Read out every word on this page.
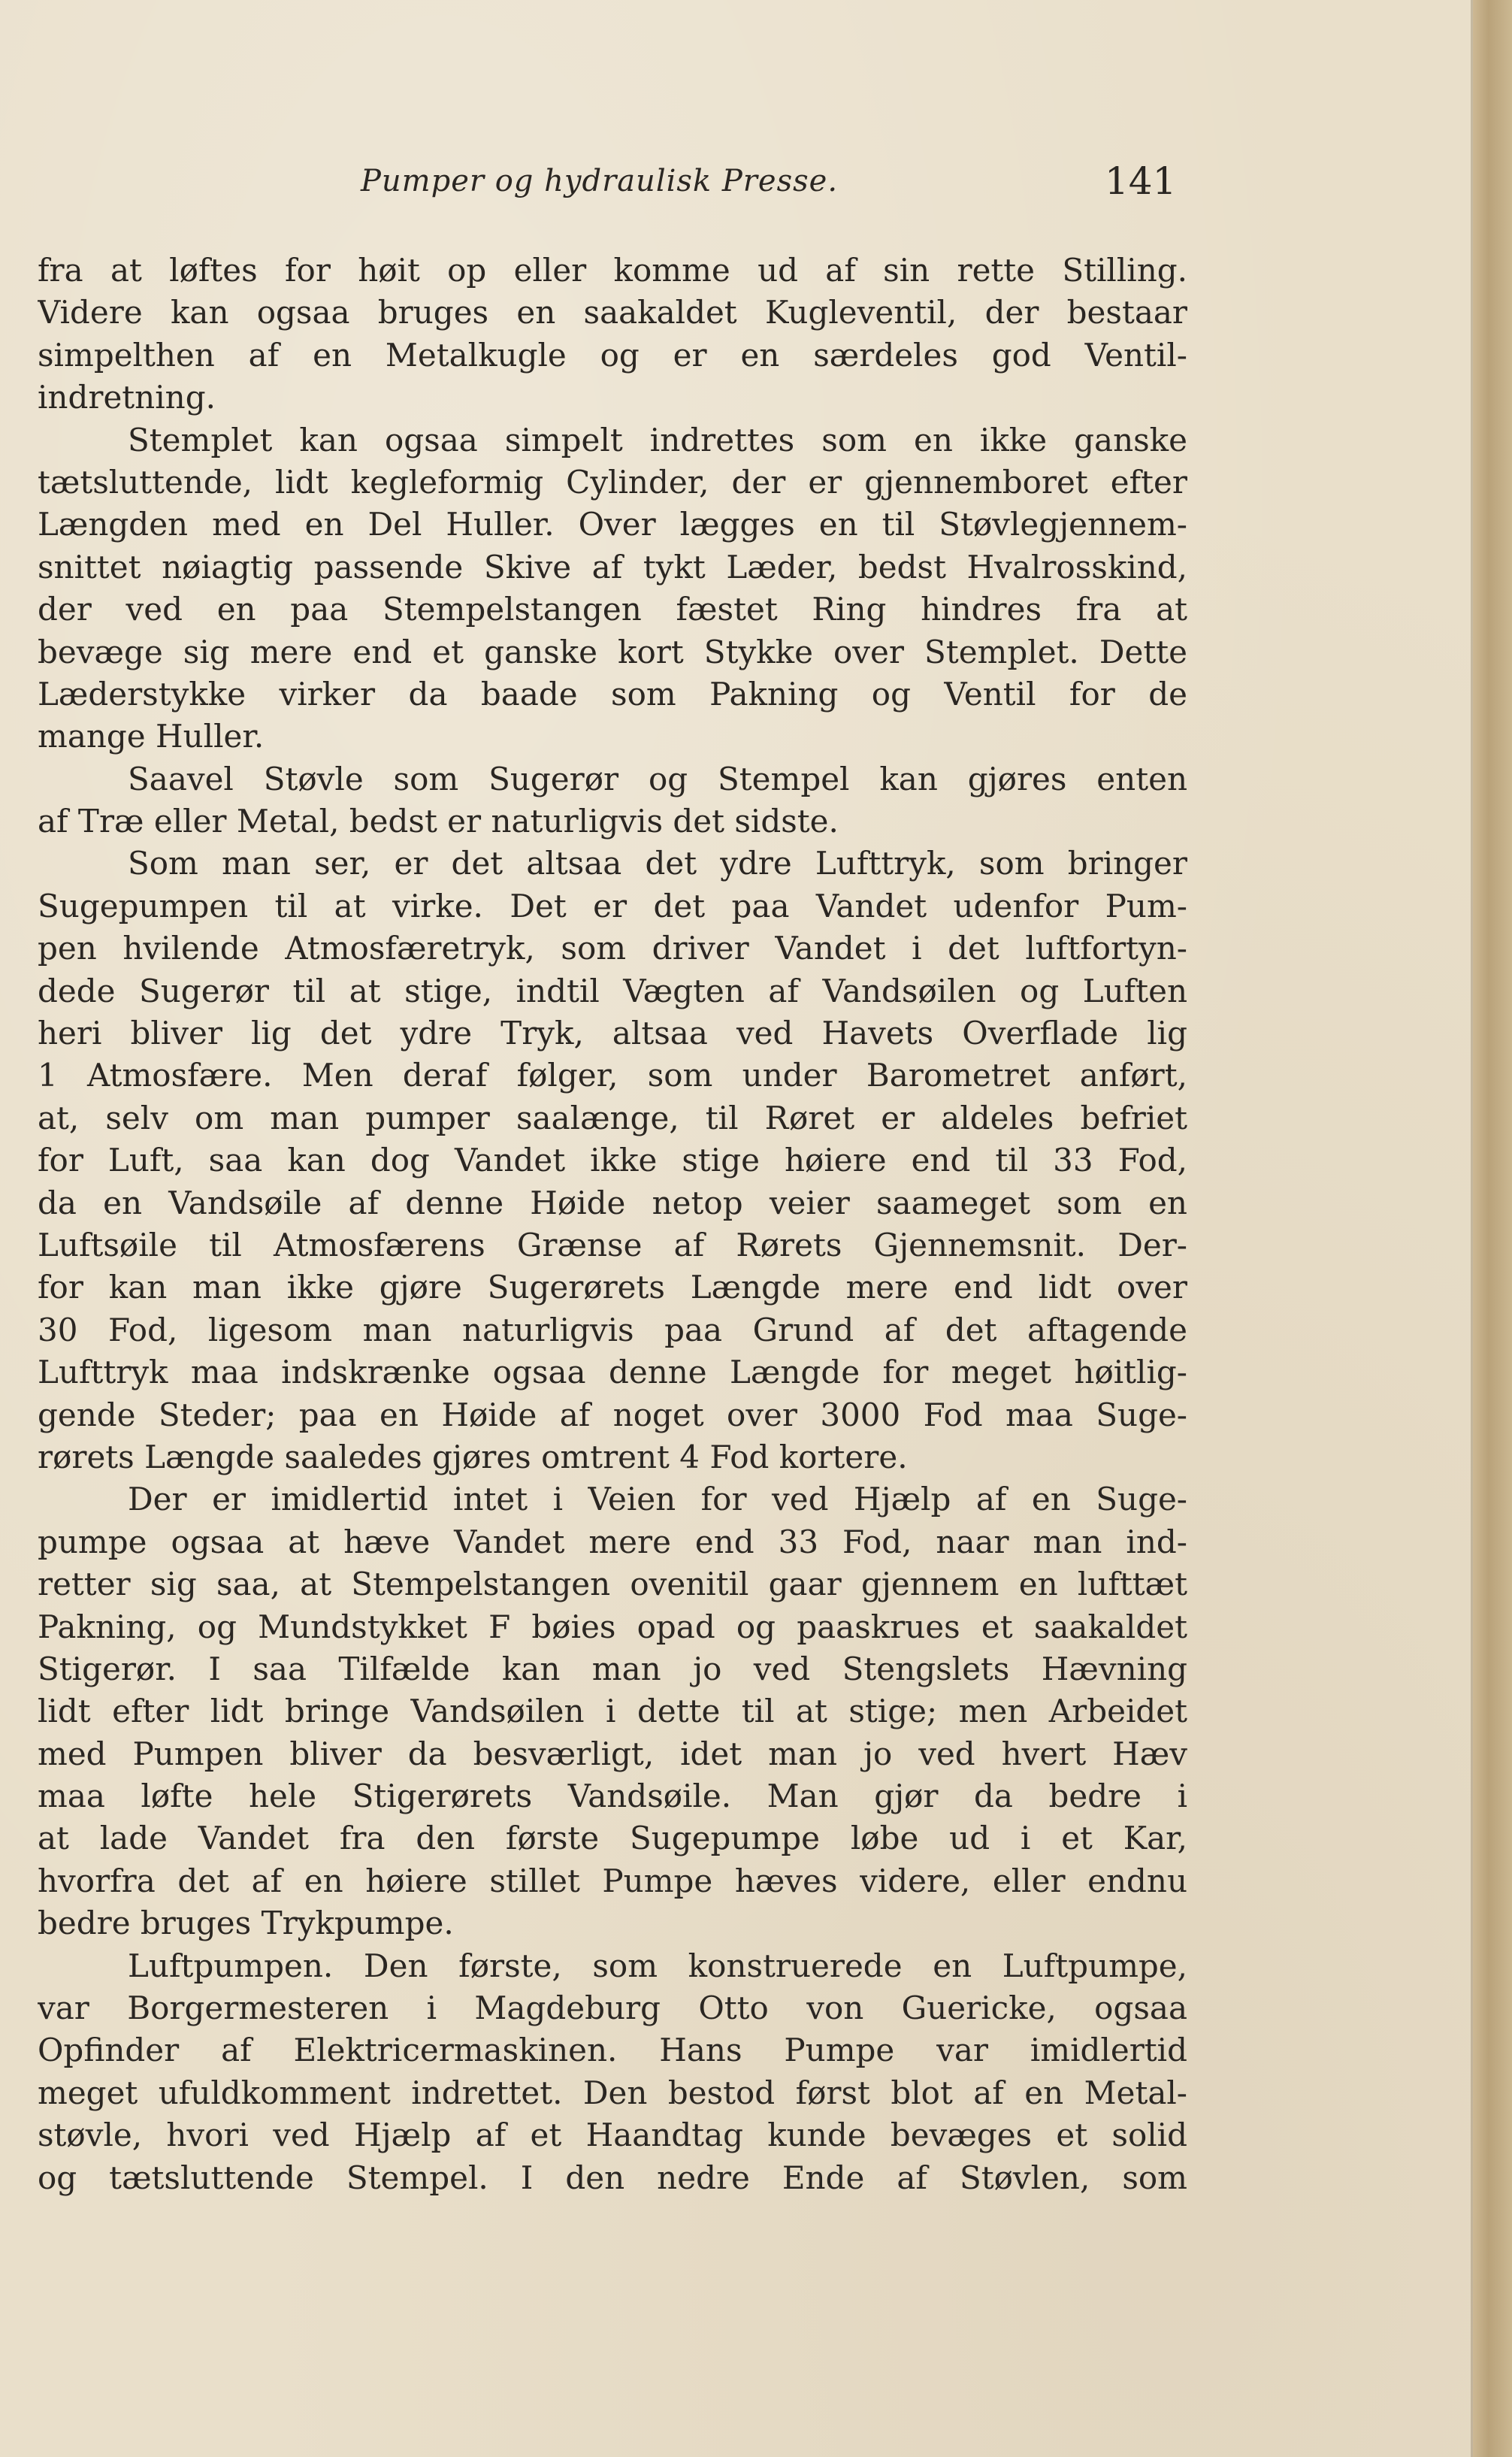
Pumper og hydraulisk Presse.	141
fra at løftes for høit op eller komme ud af sin rette Stilling.
Videre kan ogsaa bruges en saakaldet Kugleventil, der bestaar
simpelthen af en Metalkugle og er en særdeles god Ventil-
indretning.
Stemplet kan ogsaa simpelt indrettes som en ikke ganske
tætsluttende, lidt kegleformig Cylinder, der er gjennemboret efter
Længden med en Del Huller. Over lægges en til Støvlegjennem-
snittet nøiagtig passende Skive af tykt Læder, bedst Hvalrosskind,
der ved en paa Stempelstangen fæstet Ring hindres fra at
bevæge sig mere end et ganske kort Stykke over Stemplet. Dette
Læderstykke virker da baade som Pakning og Ventil for de
mange Huller.
Saavel Støvle som Sugerør og Stempel kan gjøres enten
af Træ eller Metal, bedst er naturligvis det sidste.
Som man ser, er det altsaa det ydre Lufttryk, som bringer
Sugepumpen til at virke. Det er det paa Vandet udenfor Pum-
pen hvilende Atmosfæretryk, som driver Vandet i det luftfortyn-
dede Sugerør til at stige, indtil Vægten af Vandsøilen og Luften
heri bliver lig det ydre Tryk, altsaa ved Havets Overflade lig
1 Atmosfære. Men deraf følger, som under Barometret anført,
at, selv om man pumper saalænge, til Røret er aldeles befriet
for Luft, saa kan dog Vandet ikke stige høiere end til 33 Fod,
da en Vandsøile af denne Høide netop veier saameget som en
Luftsøile til Atmosfærens Grænse af Rørets Gjennemsnit. Der-
for kan man ikke gjøre Sugerørets Længde mere end lidt over
30 Fod, ligesom man naturligvis paa Grund af det aftagende
Lufttryk maa indskrænke ogsaa denne Længde for meget høitlig-
gende Steder; paa en Høide af noget over 3000 Fod maa Suge-
rørets Længde saaledes gjøres omtrent 4 Fod kortere.
Der er imidlertid intet i Veien for ved Hjælp af en Suge-
pumpe ogsaa at hæve Vandet mere end 33 Fod, naar man ind-
retter sig saa, at Stempelstangen ovenitil gaar gjennem en lufttæt
Pakning, og Mundstykket F bøies opad og paaskrues et saakaldet
Stigerør. I saa Tilfælde kan man jo ved Stengslets Hævning
lidt efter lidt bringe Vandsøilen i dette til at stige; men Arbeidet
med Pumpen bliver da besværligt, idet man jo ved hvert Hæv
maa løfte hele Stigerørets Vandsøile. Man gjør da bedre i
at lade Vandet fra den første Sugepumpe løbe ud i et Kar,
hvorfra det af en høiere stillet Pumpe hæves videre, eller endnu
bedre bruges Trykpumpe.
Luftpumpen. Den første, som konstruerede en Luftpumpe,
var Borgermesteren i Magdeburg Otto von Guericke, ogsaa
Opfinder af Elektricermaskinen. Hans Pumpe var imidlertid
meget ufuldkomment indrettet. Den bestod først blot af en Metal-
støvle, hvori ved Hjælp af et Haandtag kunde bevæges et solid
og tætsluttende Stempel. I den nedre Ende af Støvlen, som
